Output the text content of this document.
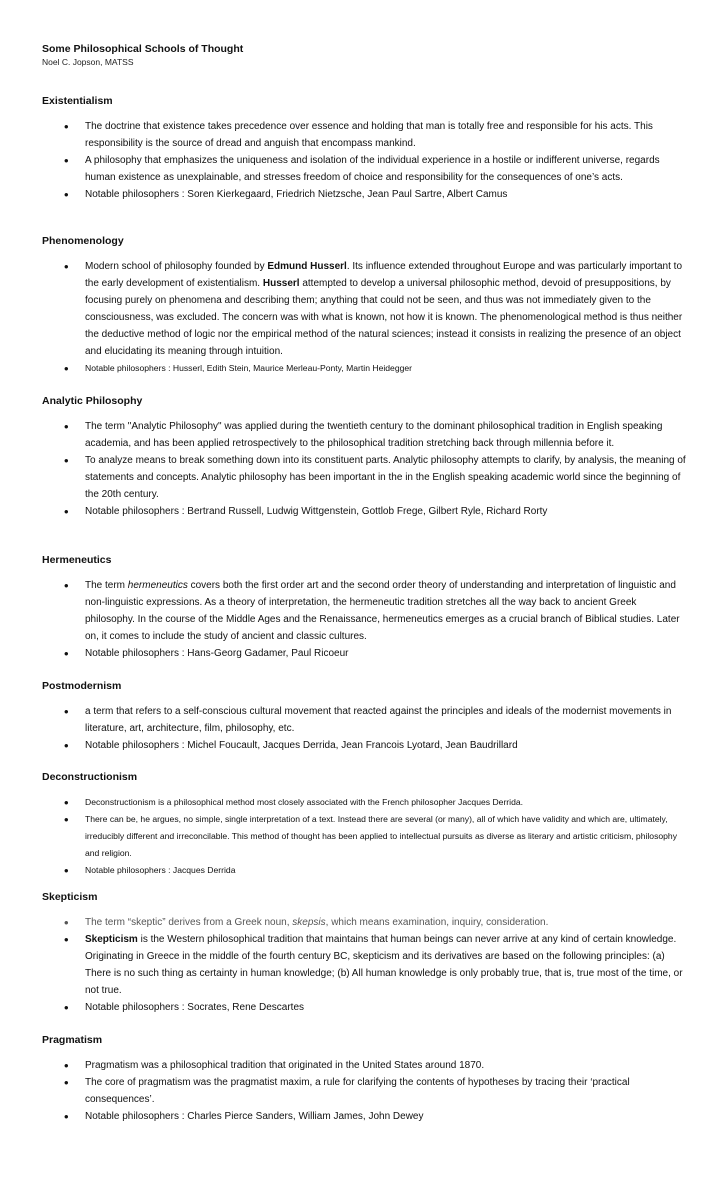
Some Philosophical Schools of Thought
Noel C. Jopson, MATSS
Existentialism
• The doctrine that existence takes precedence over essence and holding that man is totally free and responsible for his acts. This responsibility is the source of dread and anguish that encompass mankind.
• A philosophy that emphasizes the uniqueness and isolation of the individual experience in a hostile or indifferent universe, regards human existence as unexplainable, and stresses freedom of choice and responsibility for the consequences of one’s acts.
• Notable philosophers : Soren Kierkegaard, Friedrich Nietzsche, Jean Paul Sartre, Albert Camus
Phenomenology
• Modern school of philosophy founded by Edmund Husserl. Its influence extended throughout Europe and was particularly important to the early development of existentialism. Husserl attempted to develop a universal philosophic method, devoid of presuppositions, by focusing purely on phenomena and describing them; anything that could not be seen, and thus was not immediately given to the consciousness, was excluded. The concern was with what is known, not how it is known. The phenomenological method is thus neither the deductive method of logic nor the empirical method of the natural sciences; instead it consists in realizing the presence of an object and elucidating its meaning through intuition.
• Notable philosophers : Husserl, Edith Stein, Maurice Merleau-Ponty, Martin Heidegger
Analytic Philosophy
• The term "Analytic Philosophy" was applied during the twentieth century to the dominant philosophical tradition in English speaking academia, and has been applied retrospectively to the philosophical tradition stretching back through millennia before it.
• To analyze means to break something down into its constituent parts. Analytic philosophy attempts to clarify, by analysis, the meaning of statements and concepts. Analytic philosophy has been important in the in the English speaking academic world since the beginning of the 20th century.
• Notable philosophers : Bertrand Russell, Ludwig Wittgenstein, Gottlob Frege, Gilbert Ryle, Richard Rorty
Hermeneutics
• The term hermeneutics covers both the first order art and the second order theory of understanding and interpretation of linguistic and non-linguistic expressions. As a theory of interpretation, the hermeneutic tradition stretches all the way back to ancient Greek philosophy. In the course of the Middle Ages and the Renaissance, hermeneutics emerges as a crucial branch of Biblical studies. Later on, it comes to include the study of ancient and classic cultures.
• Notable philosophers : Hans-Georg Gadamer, Paul Ricoeur
Postmodernism
• a term that refers to a self-conscious cultural movement that reacted against the principles and ideals of the modernist movements in literature, art, architecture, film, philosophy, etc.
• Notable philosophers : Michel Foucault, Jacques Derrida, Jean Francois Lyotard, Jean Baudrillard
Deconstructionism
• Deconstructionism is a philosophical method most closely associated with the French philosopher Jacques Derrida.
• There can be, he argues, no simple, single interpretation of a text. Instead there are several (or many), all of which have validity and which are, ultimately, irreducibly different and irreconcilable. This method of thought has been applied to intellectual pursuits as diverse as literary and artistic criticism, philosophy and religion.
• Notable philosophers : Jacques Derrida
Skepticism
• The term “skeptic” derives from a Greek noun, skepsis, which means examination, inquiry, consideration.
• Skepticism is the Western philosophical tradition that maintains that human beings can never arrive at any kind of certain knowledge. Originating in Greece in the middle of the fourth century BC, skepticism and its derivatives are based on the following principles: (a) There is no such thing as certainty in human knowledge; (b) All human knowledge is only probably true, that is, true most of the time, or not true.
• Notable philosophers : Socrates, Rene Descartes
Pragmatism
• Pragmatism was a philosophical tradition that originated in the United States around 1870.
• The core of pragmatism was the pragmatist maxim, a rule for clarifying the contents of hypotheses by tracing their ‘practical consequences’.
• Notable philosophers : Charles Pierce Sanders, William James, John Dewey
